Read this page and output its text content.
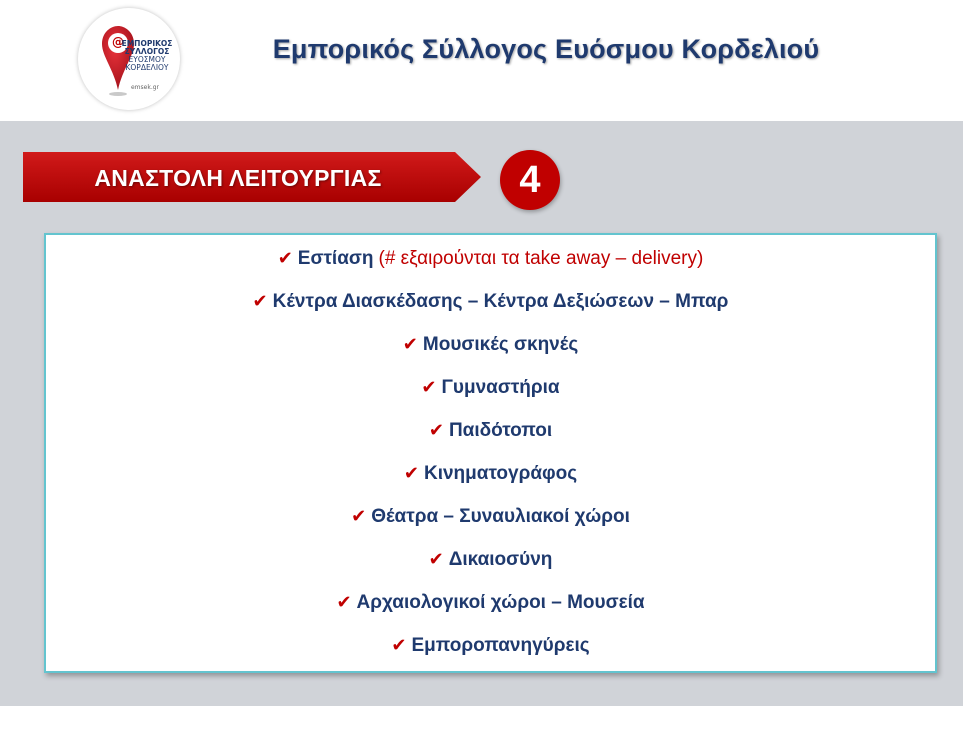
@
ΕΜΠΟΡΙΚΟΣ
ΣΥΛΛΟΓΟΣ
ΕΥΟΣΜΟΥ
ΚΟΡΔΕΛΙΟΥ
emsek.gr
Εμπορικός Σύλλογος Ευόσμου Κορδελιού
ΑΝΑΣΤΟΛΗ ΛΕΙΤΟΥΡΓΙΑΣ	4
✔ Εστίαση (# εξαιρούνται τα take away – delivery)
✔ Κέντρα Διασκέδασης – Κέντρα Δεξιώσεων – Μπαρ
✔ Μουσικές σκηνές
✔ Γυμναστήρια
✔ Παιδότοποι
✔ Κινηματογράφος
✔ Θέατρα – Συναυλιακοί χώροι
✔ Δικαιοσύνη
✔ Αρχαιολογικοί χώροι – Μουσεία
✔ Εμποροπανηγύρεις
